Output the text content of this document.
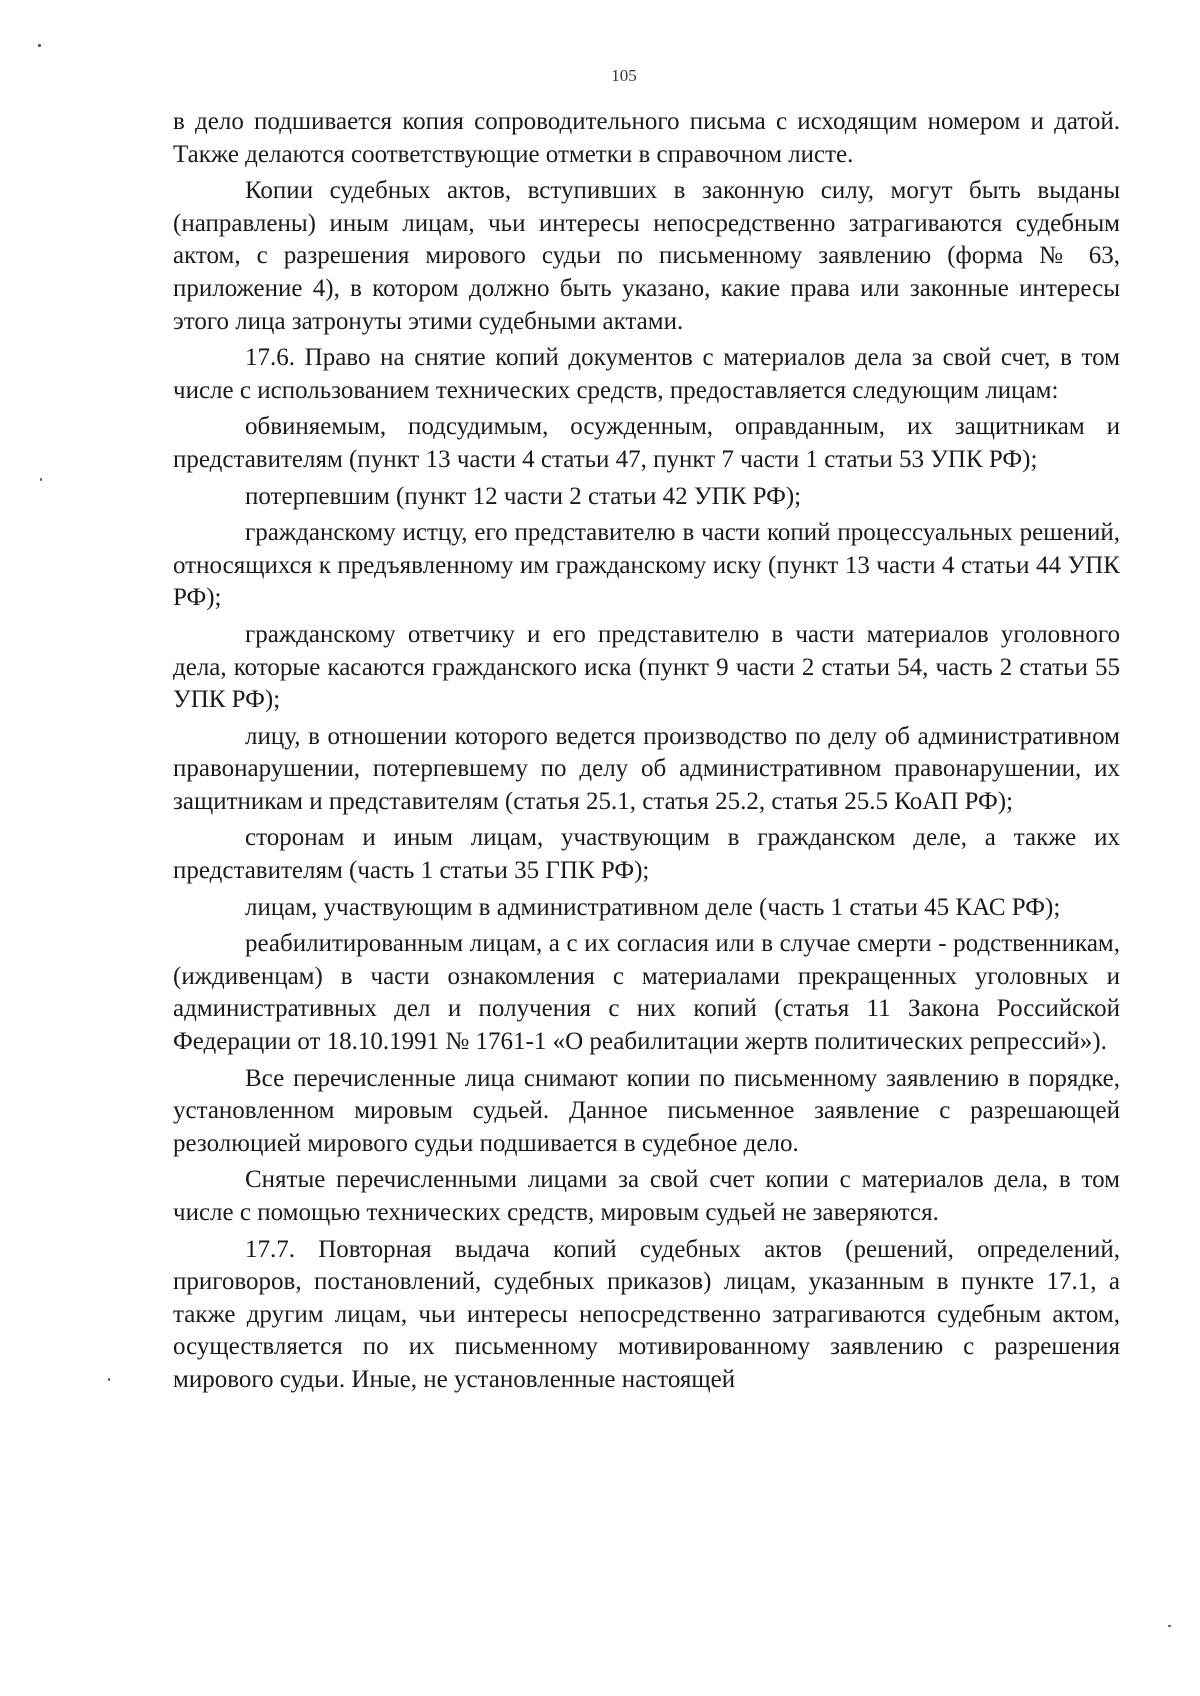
105

в дело подшивается копия сопроводительного письма с исходящим номером и датой. Также делаются соответствующие отметки в справочном листе.

Копии судебных актов, вступивших в законную силу, могут быть выданы (направлены) иным лицам, чьи интересы непосредственно затрагиваются судебным актом, с разрешения мирового судьи по письменному заявлению (форма № 63, приложение 4), в котором должно быть указано, какие права или законные интересы этого лица затронуты этими судебными актами.

17.6. Право на снятие копий документов с материалов дела за свой счет, в том числе с использованием технических средств, предоставляется следующим лицам:

обвиняемым, подсудимым, осужденным, оправданным, их защитникам и представителям (пункт 13 части 4 статьи 47, пункт 7 части 1 статьи 53 УПК РФ);

потерпевшим (пункт 12 части 2 статьи 42 УПК РФ);

гражданскому истцу, его представителю в части копий процессуальных решений, относящихся к предъявленному им гражданскому иску (пункт 13 части 4 статьи 44 УПК РФ);

гражданскому ответчику и его представителю в части материалов уголовного дела, которые касаются гражданского иска (пункт 9 части 2 статьи 54, часть 2 статьи 55 УПК РФ);

лицу, в отношении которого ведется производство по делу об административном правонарушении, потерпевшему по делу об административном правонарушении, их защитникам и представителям (статья 25.1, статья 25.2, статья 25.5 КоАП РФ);

сторонам и иным лицам, участвующим в гражданском деле, а также их представителям (часть 1 статьи 35 ГПК РФ);

лицам, участвующим в административном деле (часть 1 статьи 45 КАС РФ);

реабилитированным лицам, а с их согласия или в случае смерти - родственникам, (иждивенцам) в части ознакомления с материалами прекращенных уголовных и административных дел и получения с них копий (статья 11 Закона Российской Федерации от 18.10.1991 № 1761-1 «О реабилитации жертв политических репрессий»).

Все перечисленные лица снимают копии по письменному заявлению в порядке, установленном мировым судьей. Данное письменное заявление с разрешающей резолюцией мирового судьи подшивается в судебное дело.

Снятые перечисленными лицами за свой счет копии с материалов дела, в том числе с помощью технических средств, мировым судьей не заверяются.

17.7. Повторная выдача копий судебных актов (решений, определений, приговоров, постановлений, судебных приказов) лицам, указанным в пункте 17.1, а также другим лицам, чьи интересы непосредственно затрагиваются судебным актом, осуществляется по их письменному мотивированному заявлению с разрешения мирового судьи. Иные, не установленные настоящей
